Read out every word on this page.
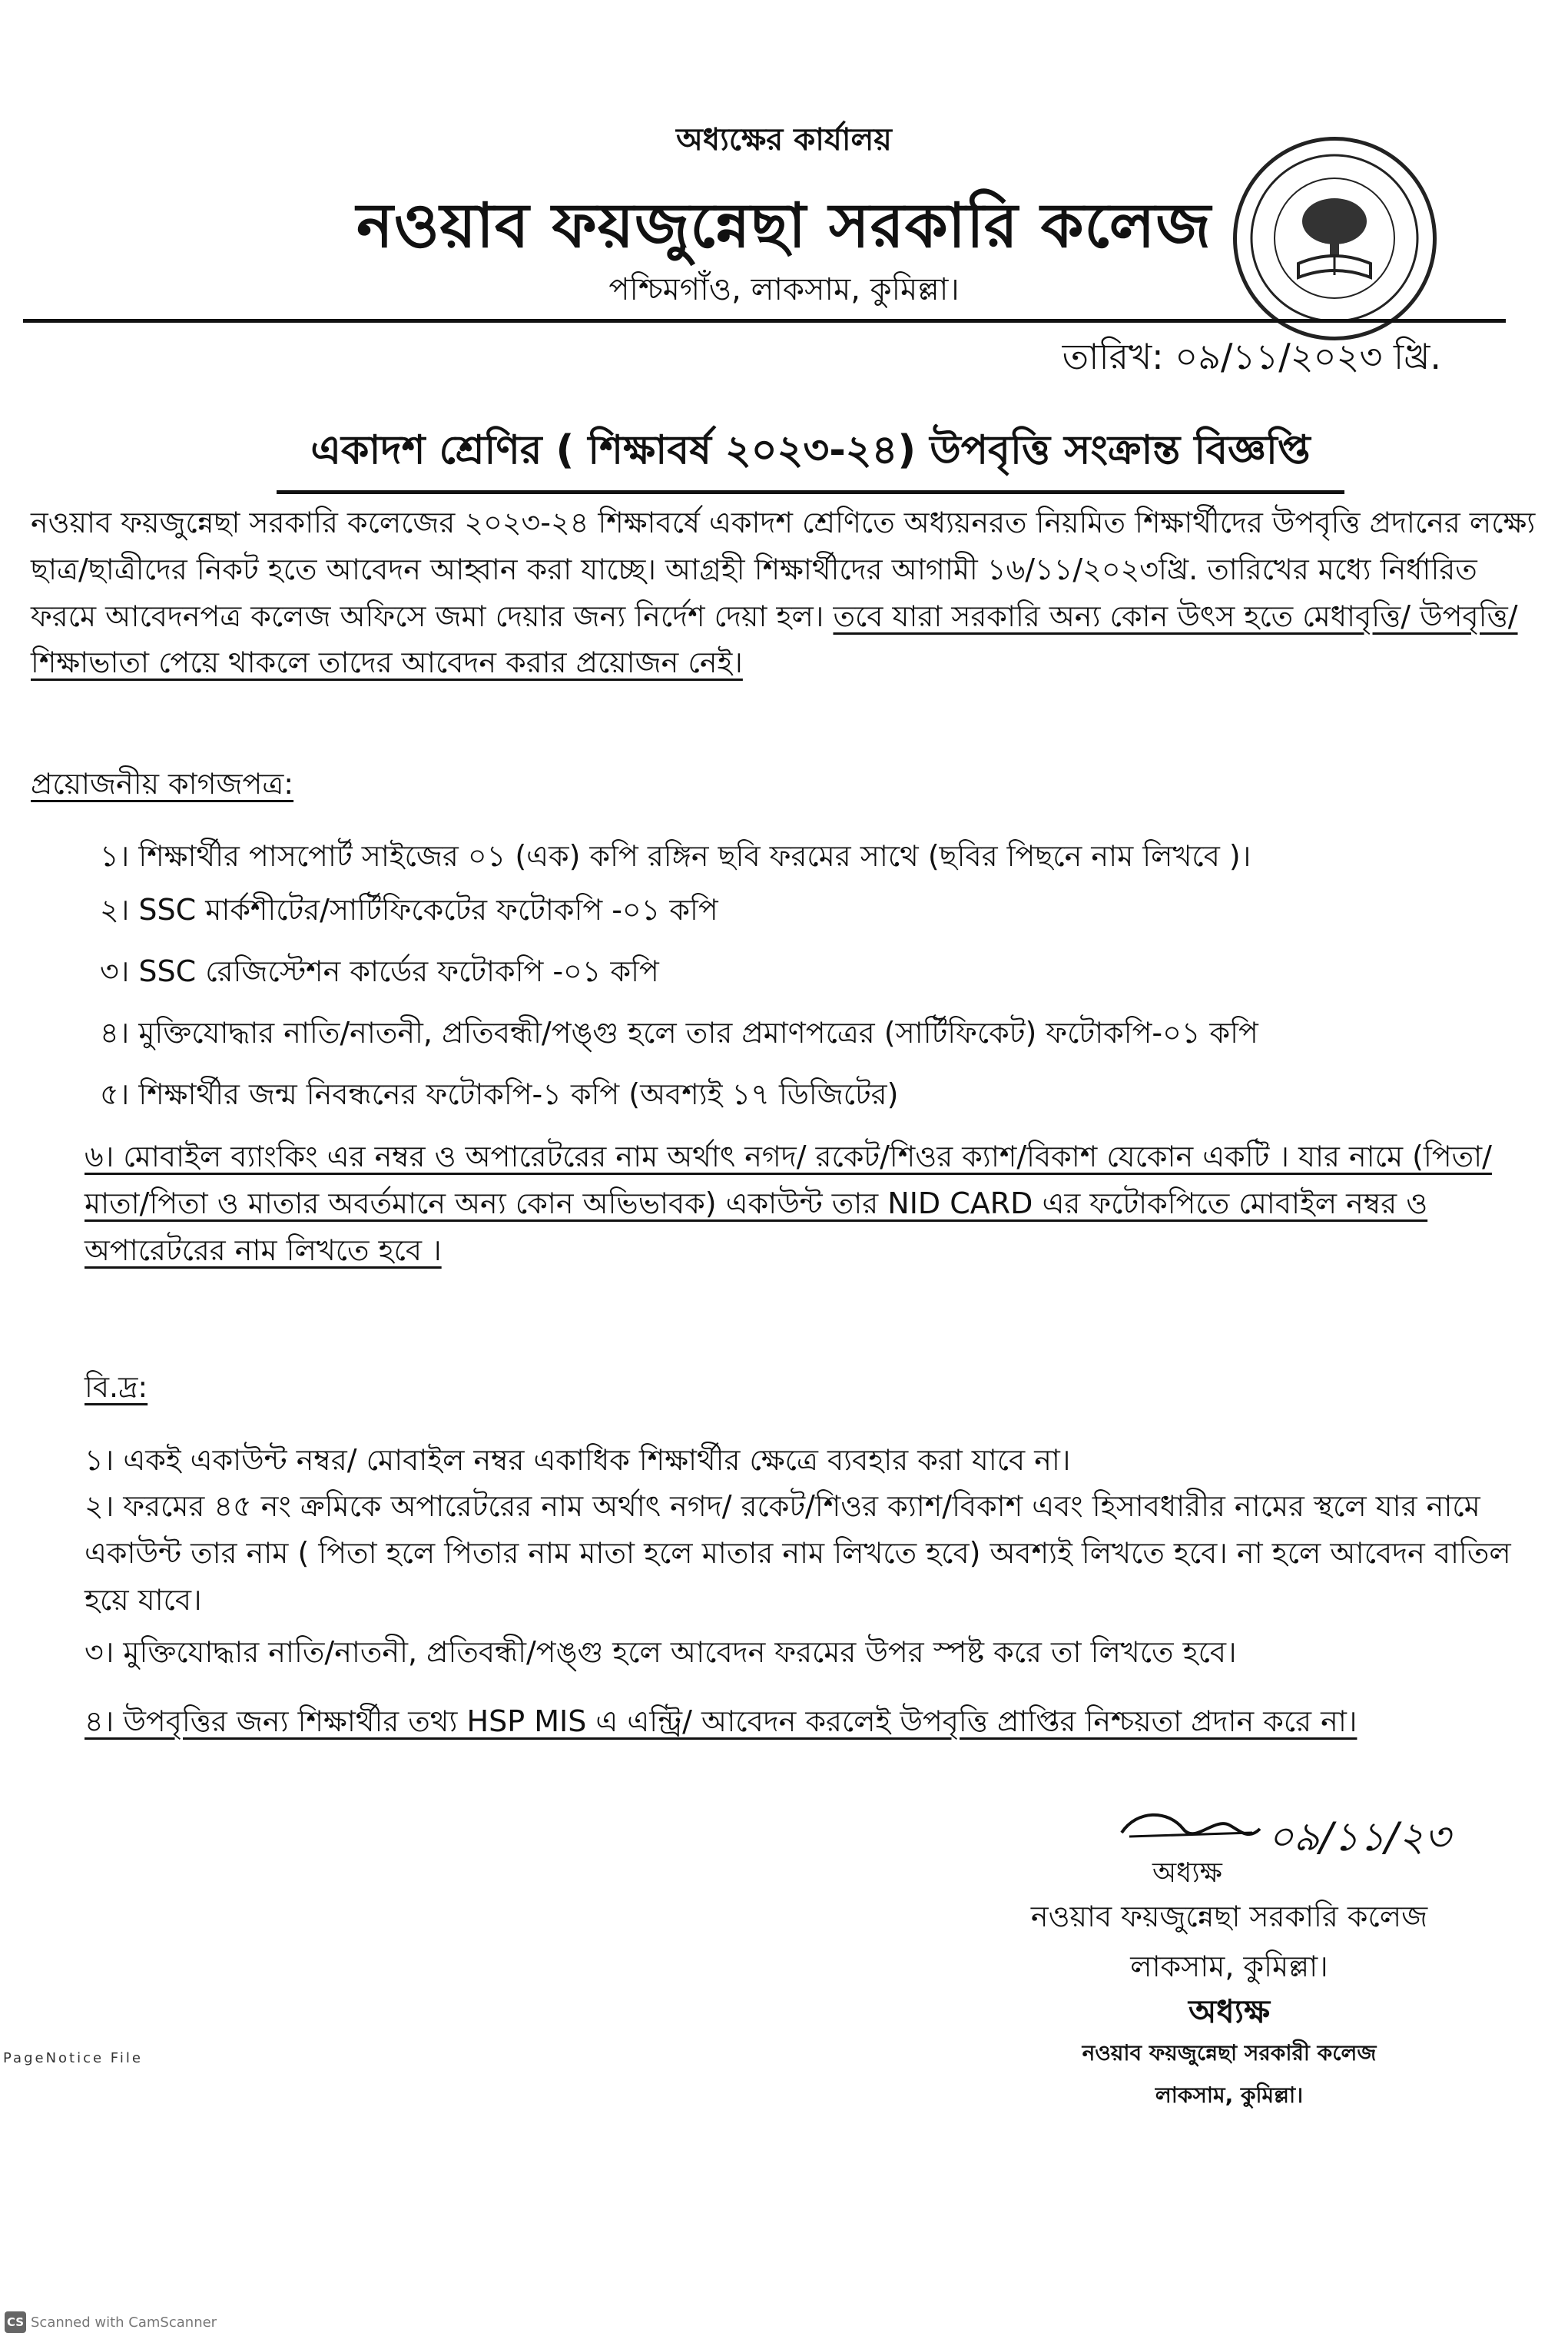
অধ্যক্ষের কার্যালয়
নওয়াব ফয়জুন্নেছা সরকারি কলেজ
পশ্চিমগাঁও, লাকসাম, কুমিল্লা।
তারিখ: ০৯/১১/২০২৩ খ্রি.
একাদশ শ্রেণির ( শিক্ষাবর্ষ ২০২৩-২৪) উপবৃত্তি সংক্রান্ত বিজ্ঞপ্তি
নওয়াব ফয়জুন্নেছা সরকারি কলেজের ২০২৩-২৪ শিক্ষাবর্ষে একাদশ শ্রেণিতে অধ্যয়নরত নিয়মিত শিক্ষার্থীদের উপবৃত্তি প্রদানের লক্ষ্যে ছাত্র/ছাত্রীদের নিকট হতে আবেদন আহ্বান করা যাচ্ছে। আগ্রহী শিক্ষার্থীদের আগামী ১৬/১১/২০২৩খ্রি. তারিখের মধ্যে নির্ধারিত ফরমে আবেদনপত্র কলেজ অফিসে জমা দেয়ার জন্য নির্দেশ দেয়া হল। তবে যারা সরকারি অন্য কোন উৎস হতে মেধাবৃত্তি/ উপবৃত্তি/ শিক্ষাভাতা পেয়ে থাকলে তাদের আবেদন করার প্রয়োজন নেই।
প্রয়োজনীয় কাগজপত্র:
১। শিক্ষার্থীর পাসপোর্ট সাইজের ০১ (এক) কপি রঙ্গিন ছবি ফরমের সাথে (ছবির পিছনে নাম লিখবে )।
২। SSC মার্কশীটের/সার্টিফিকেটের ফটোকপি -০১ কপি
৩। SSC রেজিস্টেশন কার্ডের ফটোকপি -০১ কপি
৪। মুক্তিযোদ্ধার নাতি/নাতনী, প্রতিবন্ধী/পঙ্গু হলে তার প্রমাণপত্রের (সার্টিফিকেট) ফটোকপি-০১ কপি
৫। শিক্ষার্থীর জন্ম নিবন্ধনের ফটোকপি-১ কপি (অবশ্যই ১৭ ডিজিটের)
৬। মোবাইল ব্যাংকিং এর নম্বর ও অপারেটরের নাম অর্থাৎ নগদ/ রকেট/শিওর ক্যাশ/বিকাশ যেকোন একটি । যার নামে (পিতা/মাতা/পিতা ও মাতার অবর্তমানে অন্য কোন অভিভাবক) একাউন্ট তার NID CARD এর ফটোকপিতে মোবাইল নম্বর ও অপারেটরের নাম লিখতে হবে ।
বি.দ্র:
১। একই একাউন্ট নম্বর/ মোবাইল নম্বর একাধিক শিক্ষার্থীর ক্ষেত্রে ব্যবহার করা যাবে না।
২। ফরমের ৪৫ নং ক্রমিকে অপারেটরের নাম অর্থাৎ নগদ/ রকেট/শিওর ক্যাশ/বিকাশ এবং হিসাবধারীর নামের স্থলে যার নামে একাউন্ট তার নাম ( পিতা হলে পিতার নাম মাতা হলে মাতার নাম লিখতে হবে) অবশ্যই লিখতে হবে। না হলে আবেদন বাতিল হয়ে যাবে।
৩। মুক্তিযোদ্ধার নাতি/নাতনী, প্রতিবন্ধী/পঙ্গু হলে আবেদন ফরমের উপর স্পষ্ট করে তা লিখতে হবে।
৪। উপবৃত্তির জন্য শিক্ষার্থীর তথ্য HSP MIS এ এন্ট্রি/ আবেদন করলেই উপবৃত্তি প্রাপ্তির নিশ্চয়তা প্রদান করে না।
০৯/১১/২৩
অধ্যক্ষ
নওয়াব ফয়জুন্নেছা সরকারি কলেজ
লাকসাম, কুমিল্লা।
অধ্যক্ষ
নওয়াব ফয়জুন্নেছা সরকারী কলেজ
লাকসাম, কুমিল্লা।
PageNotice File
CS Scanned with CamScanner
